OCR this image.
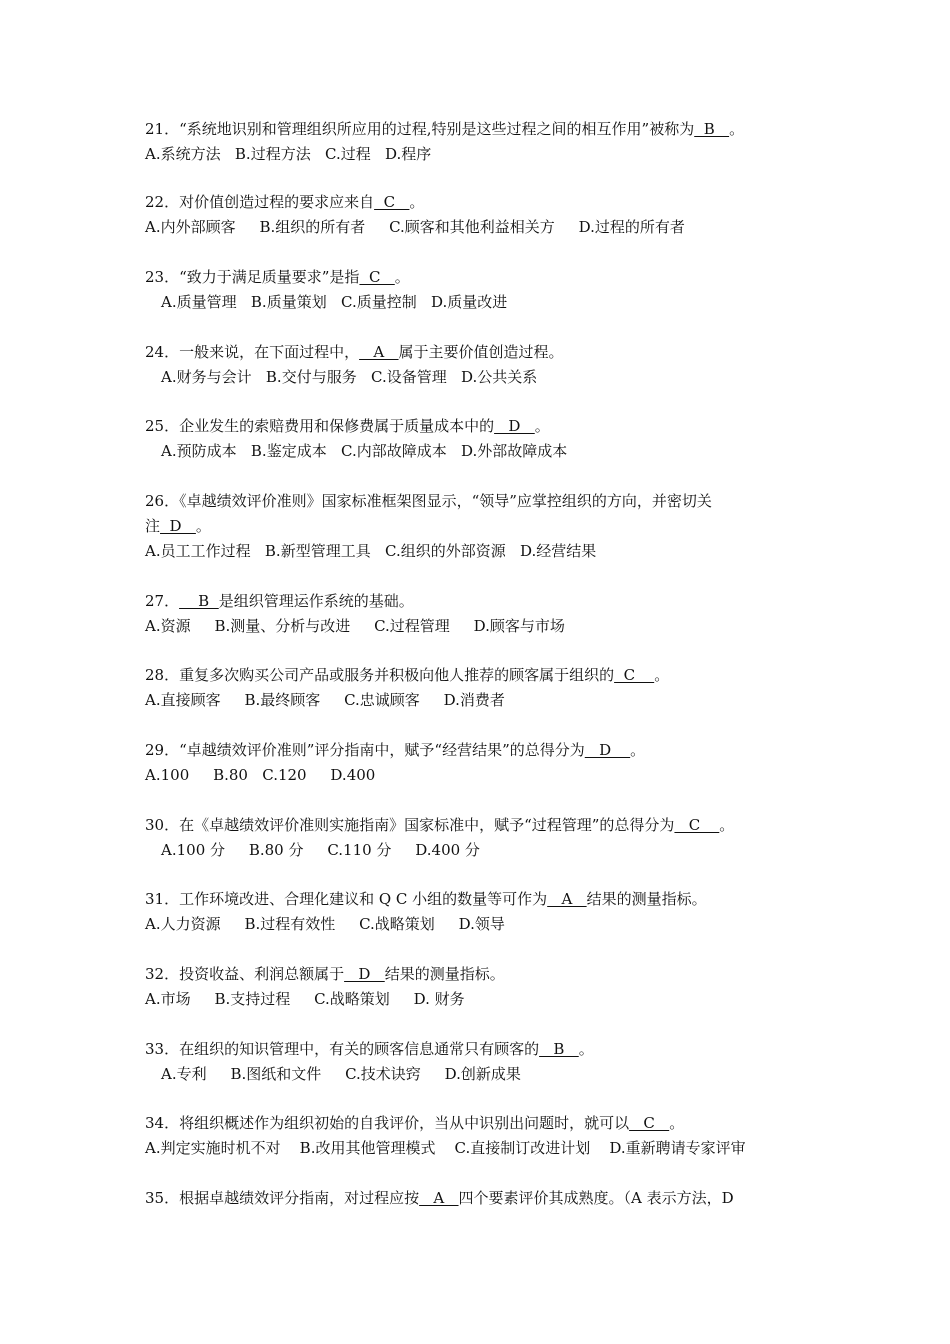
21．“系统地识别和管理组织所应用的过程,特别是这些过程之间的相互作用”被称为  B   。
A.系统方法   B.过程方法   C.过程   D.程序
22．对价值创造过程的要求应来自  C   。
A.内外部顾客     B.组织的所有者     C.顾客和其他利益相关方     D.过程的所有者
23．“致力于满足质量要求”是指  C   。
A.质量管理   B.质量策划   C.质量控制   D.质量改进
24．一般来说，在下面过程中，   A   属于主要价值创造过程。
A.财务与会计   B.交付与服务   C.设备管理   D.公共关系
25．企业发生的索赔费用和保修费属于质量成本中的   D   。
A.预防成本   B.鉴定成本   C.内部故障成本   D.外部故障成本
26．《卓越绩效评价准则》国家标准框架图显示，“领导”应掌控组织的方向，并密切关
注  D   。
A.员工工作过程   B.新型管理工具   C.组织的外部资源   D.经营结果
27．    B  是组织管理运作系统的基础。
A.资源     B.测量、分析与改进     C.过程管理     D.顾客与市场
28．重复多次购买公司产品或服务并积极向他人推荐的顾客属于组织的  C    。
A.直接顾客     B.最终顾客     C.忠诚顾客     D.消费者
29．“卓越绩效评价准则”评分指南中，赋予“经营结果”的总得分为   D    。
A.100     B.80   C.120     D.400
30．在《卓越绩效评价准则实施指南》国家标准中，赋予“过程管理”的总得分为   C    。
A.100 分     B.80 分     C.110 分     D.400 分
31．工作环境改进、合理化建议和 Q C 小组的数量等可作为   A   结果的测量指标。
A.人力资源     B.过程有效性     C.战略策划     D.领导
32．投资收益、利润总额属于   D   结果的测量指标。
A.市场     B.支持过程     C.战略策划     D. 财务
33．在组织的知识管理中，有关的顾客信息通常只有顾客的   B   。
A.专利     B.图纸和文件     C.技术诀窍     D.创新成果
34．将组织概述作为组织初始的自我评价，当从中识别出问题时，就可以   C   。
A.判定实施时机不对    B.改用其他管理模式    C.直接制订改进计划    D.重新聘请专家评审
35．根据卓越绩效评分指南，对过程应按   A   四个要素评价其成熟度。（A 表示方法，D
